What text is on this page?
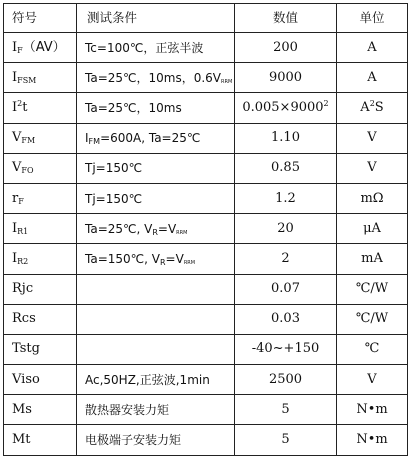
符号	测试条件	数值	单位
$I_F(AV)$	Tc=100℃，正弦半波	200	A
$I_{FSM}$	Ta=25℃，10ms，$0.6V_{RRM}$	9000	A
$I^2t$	Ta=25℃，10ms	$0.005\times 9000^2$	$A^2S$
$V_{FM}$	$I_{FM}=600A$, Ta=25℃	1.10	V
$V_{FO}$	Tj=150℃	0.85	V
$r_F$	Tj=150℃	1.2	mΩ
$I_{R1}$	Ta=25℃, $V_R=V_{RRM}$	20	μA
$I_{R2}$	Ta=150℃, $V_R=V_{RRM}$	2	mA
Rjc		0.07	℃/W
Rcs		0.03	℃/W
Tstg		-40~+150	℃
Viso	Ac,50HZ,正弦波,1min	2500	V
Ms	散热器安装力矩	5	N•m
Mt	电极端子安装力矩	5	N•m
